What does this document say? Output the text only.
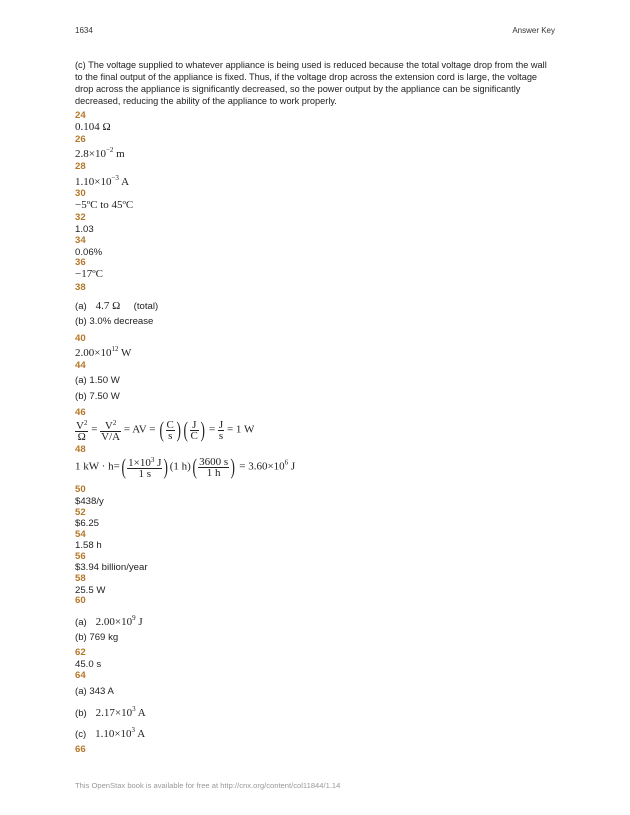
1634	Answer Key
(c) The voltage supplied to whatever appliance is being used is reduced because the total voltage drop from the wall to the final output of the appliance is fixed. Thus, if the voltage drop across the extension cord is large, the voltage drop across the appliance is significantly decreased, so the power output by the appliance can be significantly decreased, reducing the ability of the appliance to work properly.
24
0.104 Ω
26
$2.8\times 10^{-2}$ m
28
$1.10\times 10^{-3}$ A
30
−5ºC to 45ºC
32
1.03
34
0.06%
36
−17ºC
38
(a) 4.7 Ω (total)
(b) 3.0% decrease
40
$2.00\times 10^{12}$ W
44
(a) 1.50 W
(b) 7.50 W
46
$\frac{V^2}{\Omega} = \frac{V^2}{V/A}$ = AV = ( $\frac{C}{s}$ ) ( $\frac{J}{C}$ ) = $\frac{J}{s} = 1$ W
48
1 kW · $h=( \frac{1\times 10^3 J}{1 s} )(1$ $h)( \frac{3600 s}{1 h}$ ) = $3.60\times 10^6$ J
50
$438/y
52
$6.25
54
1.58 h
56
$3.94 billion/year
58
25.5 W
60
(a) $2.00\times 10^9$ J
(b) 769 kg
62
45.0 s
64
(a) 343 A
(b) $2.17\times 10^3$ A
(c) $1.10\times 10^3$ A
66
This OpenStax book is available for free at http://cnx.org/content/col11844/1.14
